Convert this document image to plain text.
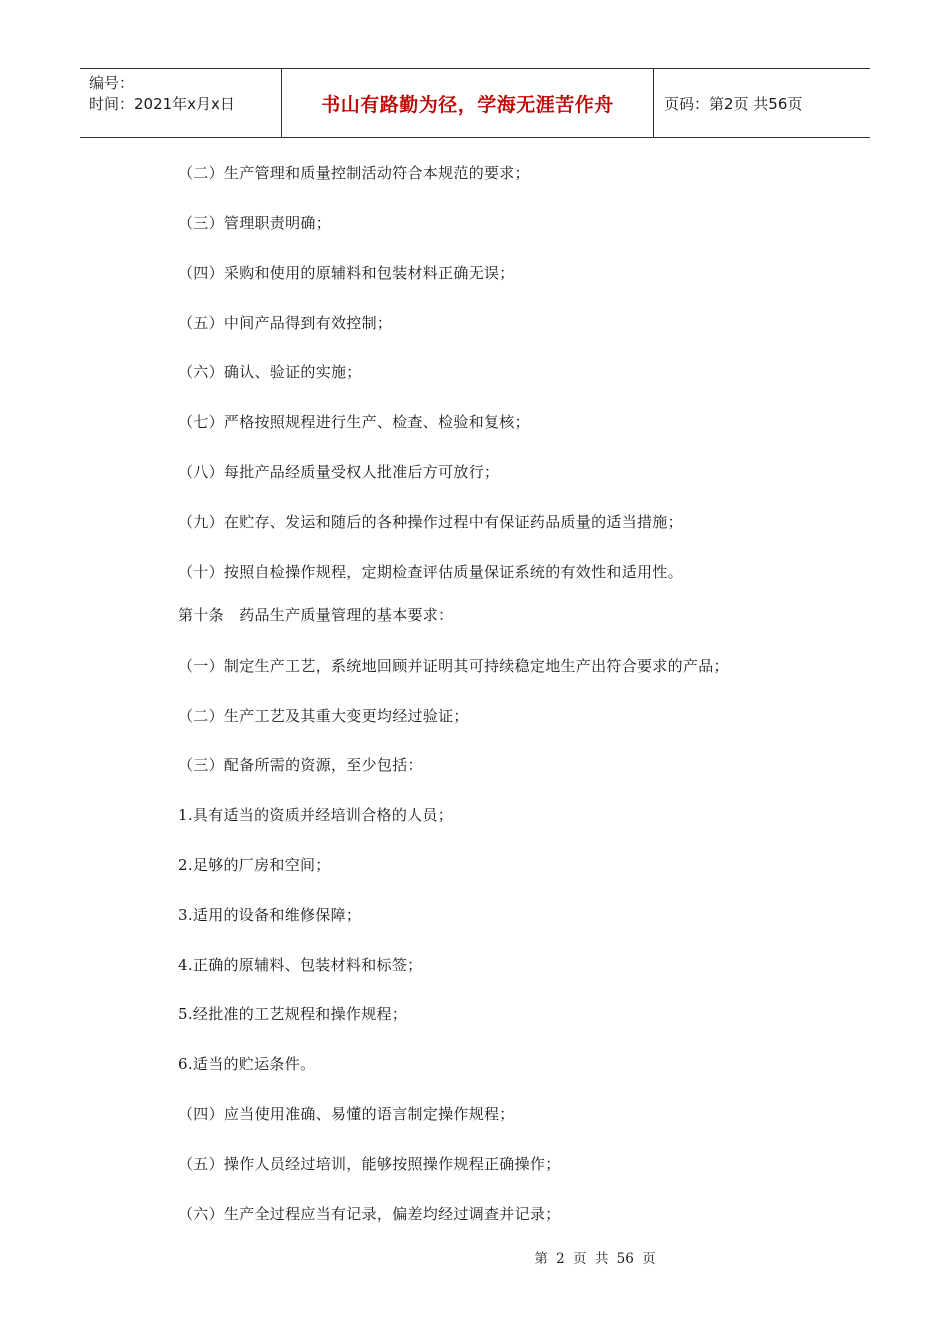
编号：
时间：2021年x月x日	书山有路勤为径，学海无涯苦作舟	页码：第2页 共56页
（二）生产管理和质量控制活动符合本规范的要求；
（三）管理职责明确；
（四）采购和使用的原辅料和包装材料正确无误；
（五）中间产品得到有效控制；
（六）确认、验证的实施；
（七）严格按照规程进行生产、检查、检验和复核；
（八）每批产品经质量受权人批准后方可放行；
（九）在贮存、发运和随后的各种操作过程中有保证药品质量的适当措施；
（十）按照自检操作规程，定期检查评估质量保证系统的有效性和适用性。
第十条　药品生产质量管理的基本要求：
（一）制定生产工艺，系统地回顾并证明其可持续稳定地生产出符合要求的产品；
（二）生产工艺及其重大变更均经过验证；
（三）配备所需的资源，至少包括：
1.具有适当的资质并经培训合格的人员；
2.足够的厂房和空间；
3.适用的设备和维修保障；
4.正确的原辅料、包装材料和标签；
5.经批准的工艺规程和操作规程；
6.适当的贮运条件。
（四）应当使用准确、易懂的语言制定操作规程；
（五）操作人员经过培训，能够按照操作规程正确操作；
（六）生产全过程应当有记录，偏差均经过调查并记录；
第 2 页 共 56 页
